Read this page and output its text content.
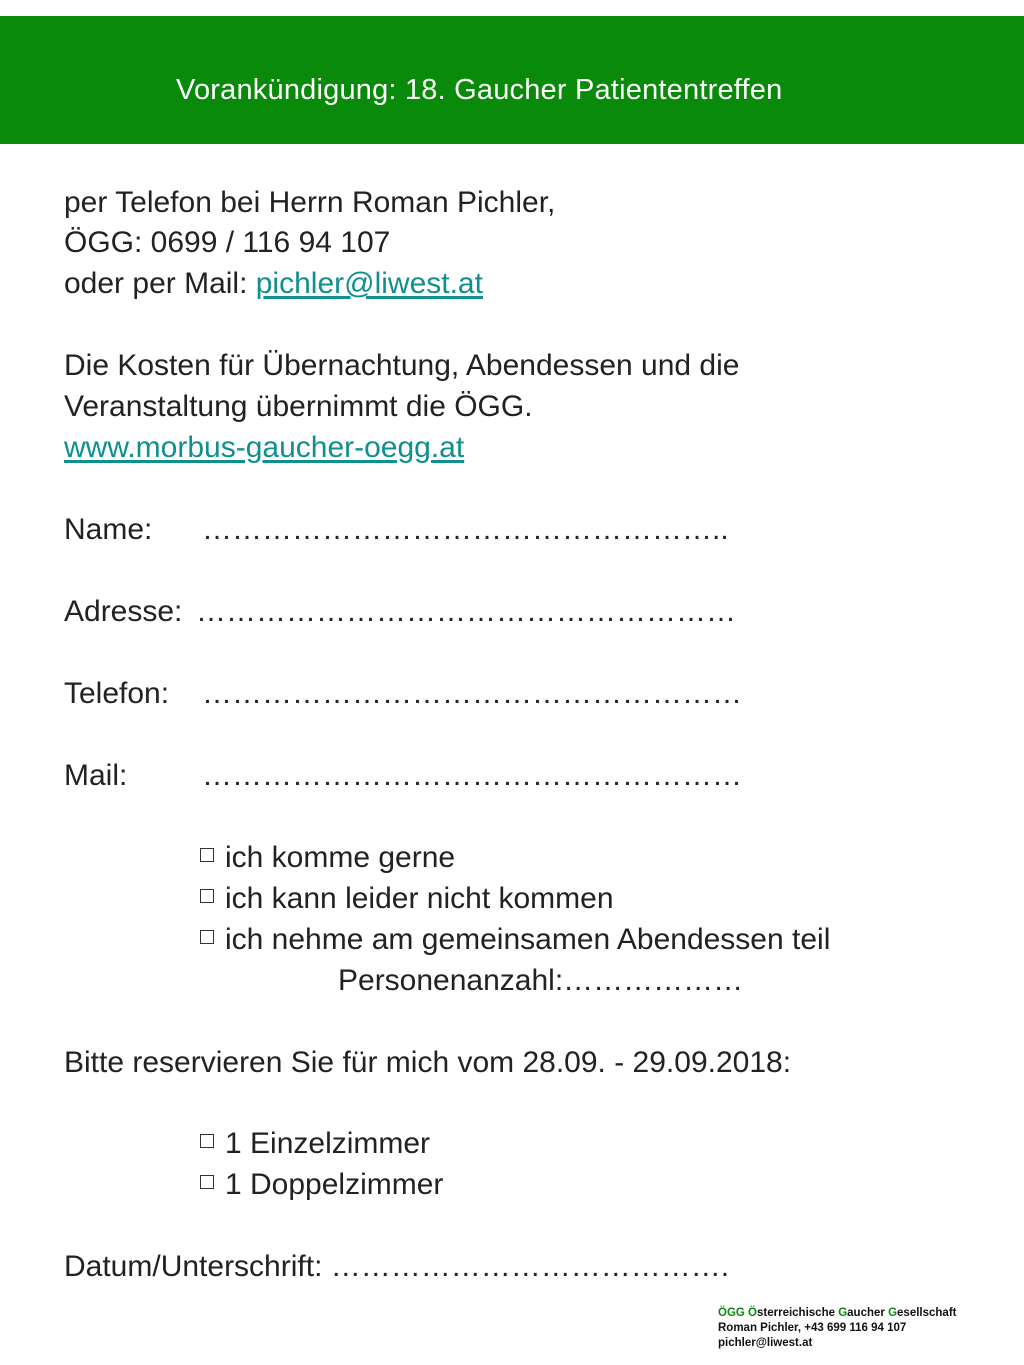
Vorankündigung: 18. Gaucher Patiententreffen

per Telefon bei Herrn Roman Pichler,

ÖGG: 0699 / 116 94 107

oder per Mail: pichler@liwest.at

Die Kosten für Übernachtung, Abendessen und die

Veranstaltung übernimmt die ÖGG.

www.morbus-gaucher-oegg.at

Name: ……………………………………………..
Adresse: ………………………………………………
Telefon: ………………………………………………
Mail: ………………………………………………
ich komme gerne
ich kann leider nicht kommen
ich nehme am gemeinsamen Abendessen teil

Personenanzahl:………………

Bitte reservieren Sie für mich vom 28.09. - 29.09.2018:

1 Einzelzimmer
1 Doppelzimmer

Datum/Unterschrift: ………………………………….

ÖGG Österreichische Gaucher Gesellschaft
Roman Pichler, +43 699 116 94 107
pichler@liwest.at
